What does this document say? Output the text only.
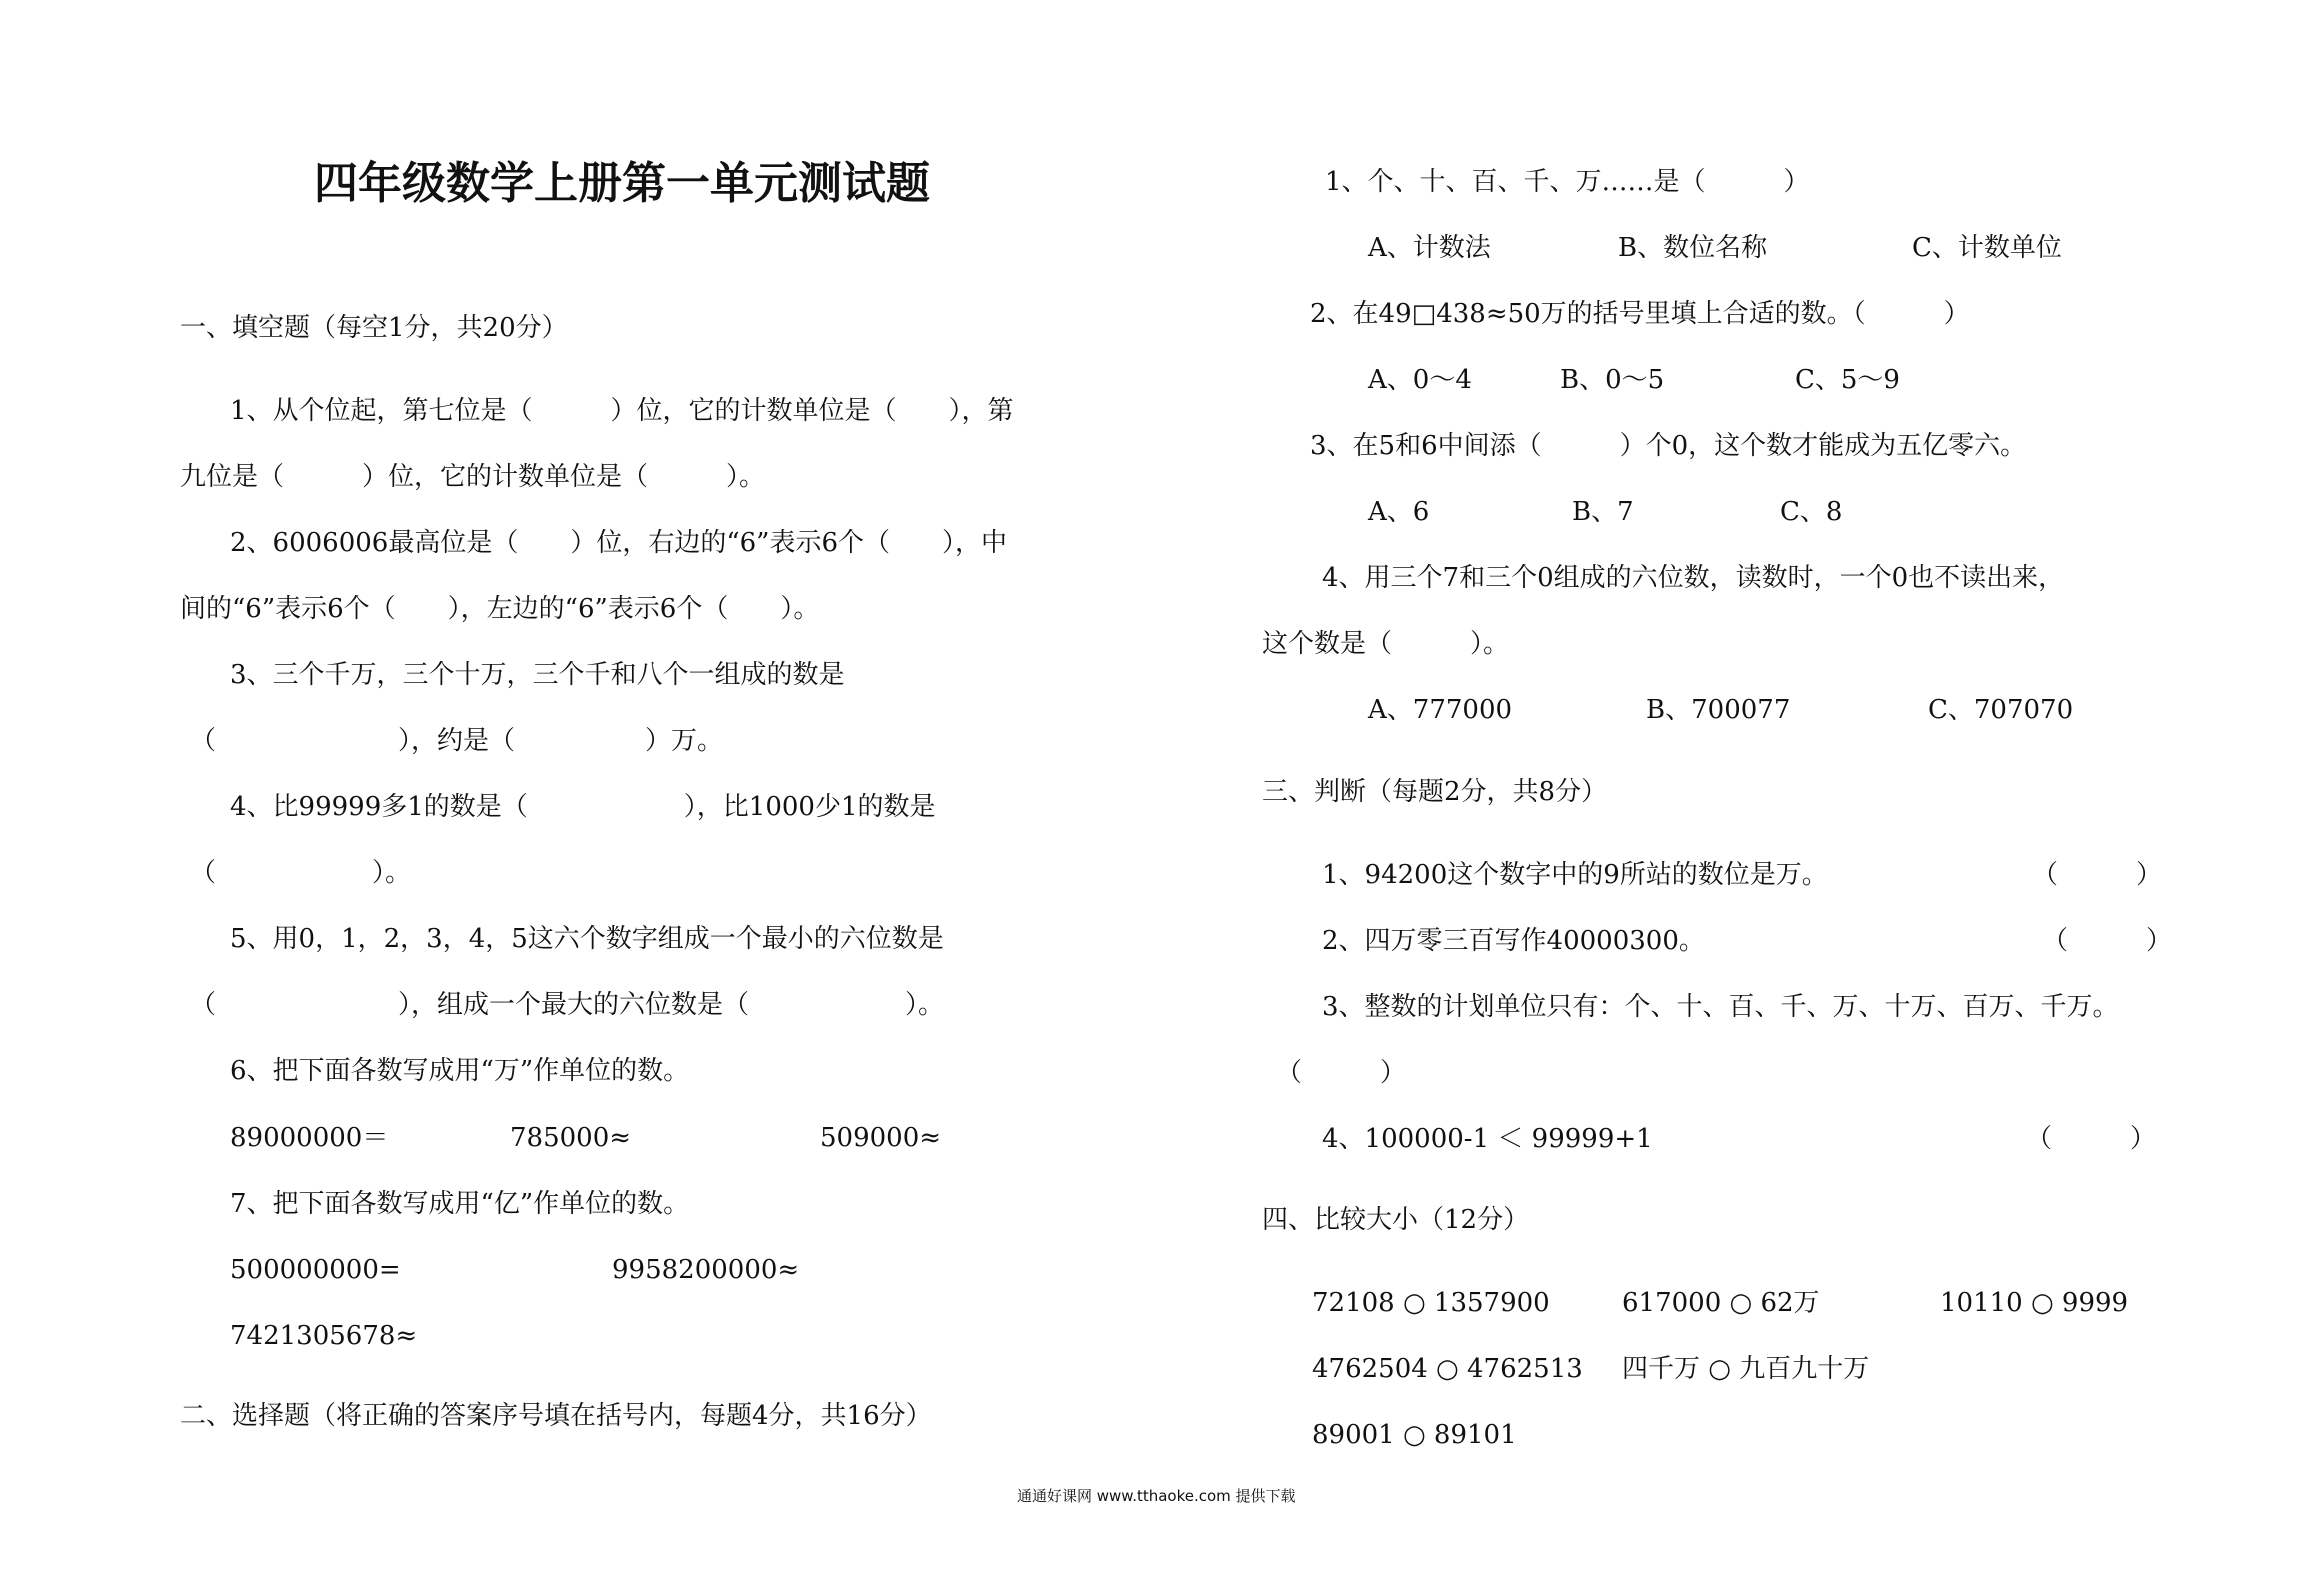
四年级数学上册第一单元测试题
一、填空题（每空1分，共20分）
1、从个位起，第七位是（　　　）位，它的计数单位是（　　），第
九位是（　　　）位，它的计数单位是（　　　）。
2、6006006最高位是（　　）位，右边的“6”表示6个（　　），中
间的“6”表示6个（　　），左边的“6”表示6个（　　）。
3、三个千万，三个十万，三个千和八个一组成的数是
（　　　　　　　），约是（　　　　　）万。
4、比99999多1的数是（　　　　　　），比1000少1的数是
（　　　　　　）。
5、用0，1，2，3，4，5这六个数字组成一个最小的六位数是
（　　　　　　　），组成一个最大的六位数是（　　　　　　）。
6、把下面各数写成用“万”作单位的数。
89000000＝	785000≈	509000≈
7、把下面各数写成用“亿”作单位的数。
500000000=	9958200000≈
7421305678≈
二、选择题（将正确的答案序号填在括号内，每题4分，共16分）
1、个、十、百、千、万……是（　　　）
A、计数法	B、数位名称	C、计数单位
2、在49□438≈50万的括号里填上合适的数。（　　　）
A、0～4	B、0～5	C、5～9
3、在5和6中间添（　　　）个0，这个数才能成为五亿零六。
A、6	B、7	C、8
4、用三个7和三个0组成的六位数，读数时，一个0也不读出来，
这个数是（　　　）。
A、777000	B、700077	C、707070
三、判断（每题2分，共8分）
1、94200这个数字中的9所站的数位是万。	（　　　）
2、四万零三百写作40000300。	（　　　）
3、整数的计划单位只有：个、十、百、千、万、十万、百万、千万。
（　　　）
4、100000-1 ＜ 99999+1	（　　　）
四、比较大小（12分）
72108 ○ 1357900	617000 ○ 62万	10110 ○ 9999
4762504 ○ 4762513 四千万 ○ 九百九十万
89001 ○ 89101
通通好课网 www.tthaoke.com 提供下载
